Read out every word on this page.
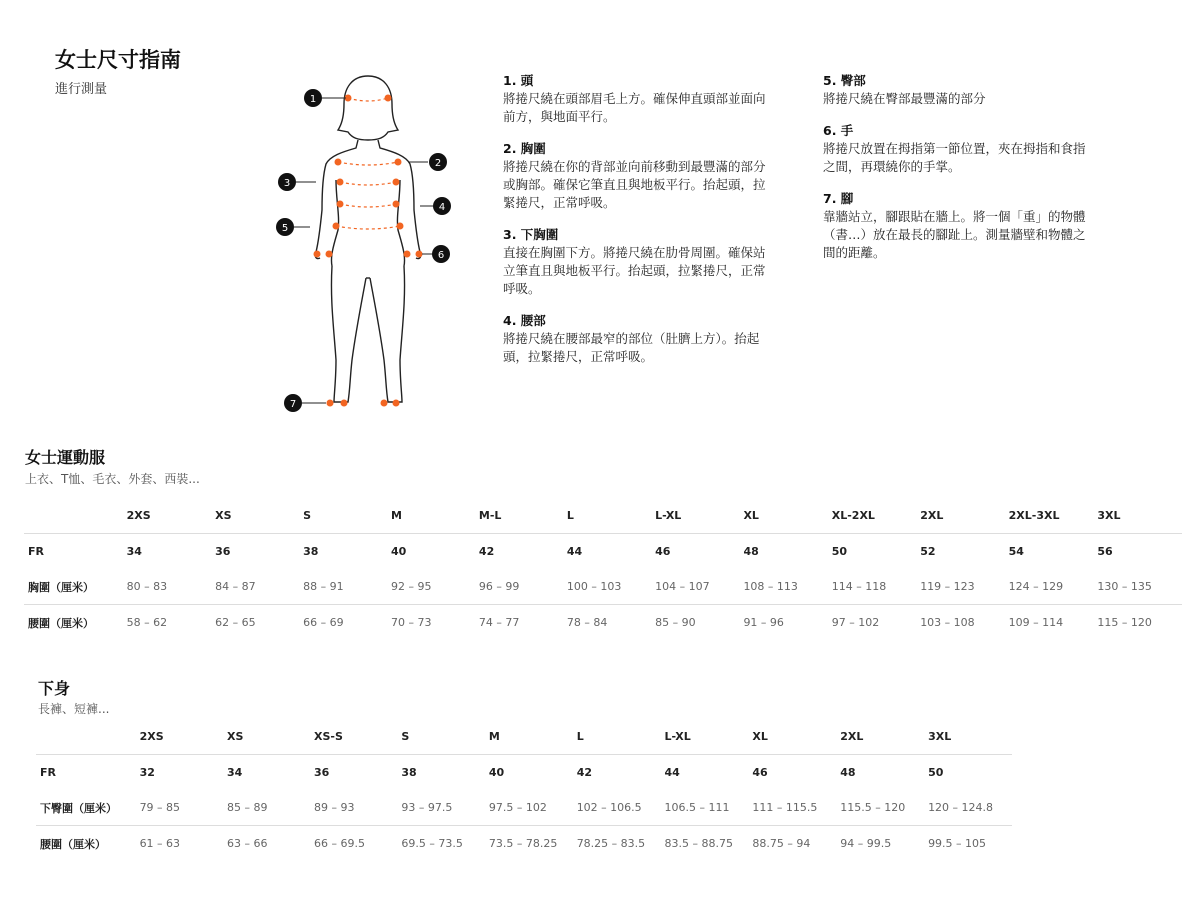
女士尺寸指南
進行測量
1
2
3
4
5
6
7
1. 頭
將捲尺繞在頭部眉毛上方。確保伸直頭部並面向前方，與地面平行。
2. 胸圍
將捲尺繞在你的背部並向前移動到最豐滿的部分或胸部。確保它筆直且與地板平行。抬起頭，拉緊捲尺，正常呼吸。
3. 下胸圍
直接在胸圍下方。將捲尺繞在肋骨周圍。確保站立筆直且與地板平行。抬起頭，拉緊捲尺，正常呼吸。
4. 腰部
將捲尺繞在腰部最窄的部位（肚臍上方）。抬起頭，拉緊捲尺，正常呼吸。
5. 臀部
將捲尺繞在臀部最豐滿的部分
6. 手
將捲尺放置在拇指第一節位置，夾在拇指和食指之間，再環繞你的手掌。
7. 腳
靠牆站立，腳跟貼在牆上。將一個「重」的物體（書…）放在最長的腳趾上。測量牆壁和物體之間的距離。
女士運動服
上衣、T恤、毛衣、外套、西裝...
	2XS	XS	S	M	M-L	L	L-XL	XL	XL-2XL	2XL	2XL-3XL	3XL
FR	34	36	38	40	42	44	46	48	50	52	54	56
胸圍（厘米）	80 – 83	84 – 87	88 – 91	92 – 95	96 – 99	100 – 103	104 – 107	108 – 113	114 – 118	119 – 123	124 – 129	130 – 135
腰圍（厘米）	58 – 62	62 – 65	66 – 69	70 – 73	74 – 77	78 – 84	85 – 90	91 – 96	97 – 102	103 – 108	109 – 114	115 – 120
下身
長褲、短褲...
	2XS	XS	XS-S	S	M	L	L-XL	XL	2XL	3XL
FR	32	34	36	38	40	42	44	46	48	50
下臀圍（厘米）	79 – 85	85 – 89	89 – 93	93 – 97.5	97.5 – 102	102 – 106.5	106.5 – 111	111 – 115.5	115.5 – 120	120 – 124.8
腰圍（厘米）	61 – 63	63 – 66	66 – 69.5	69.5 – 73.5	73.5 – 78.25	78.25 – 83.5	83.5 – 88.75	88.75 – 94	94 – 99.5	99.5 – 105
